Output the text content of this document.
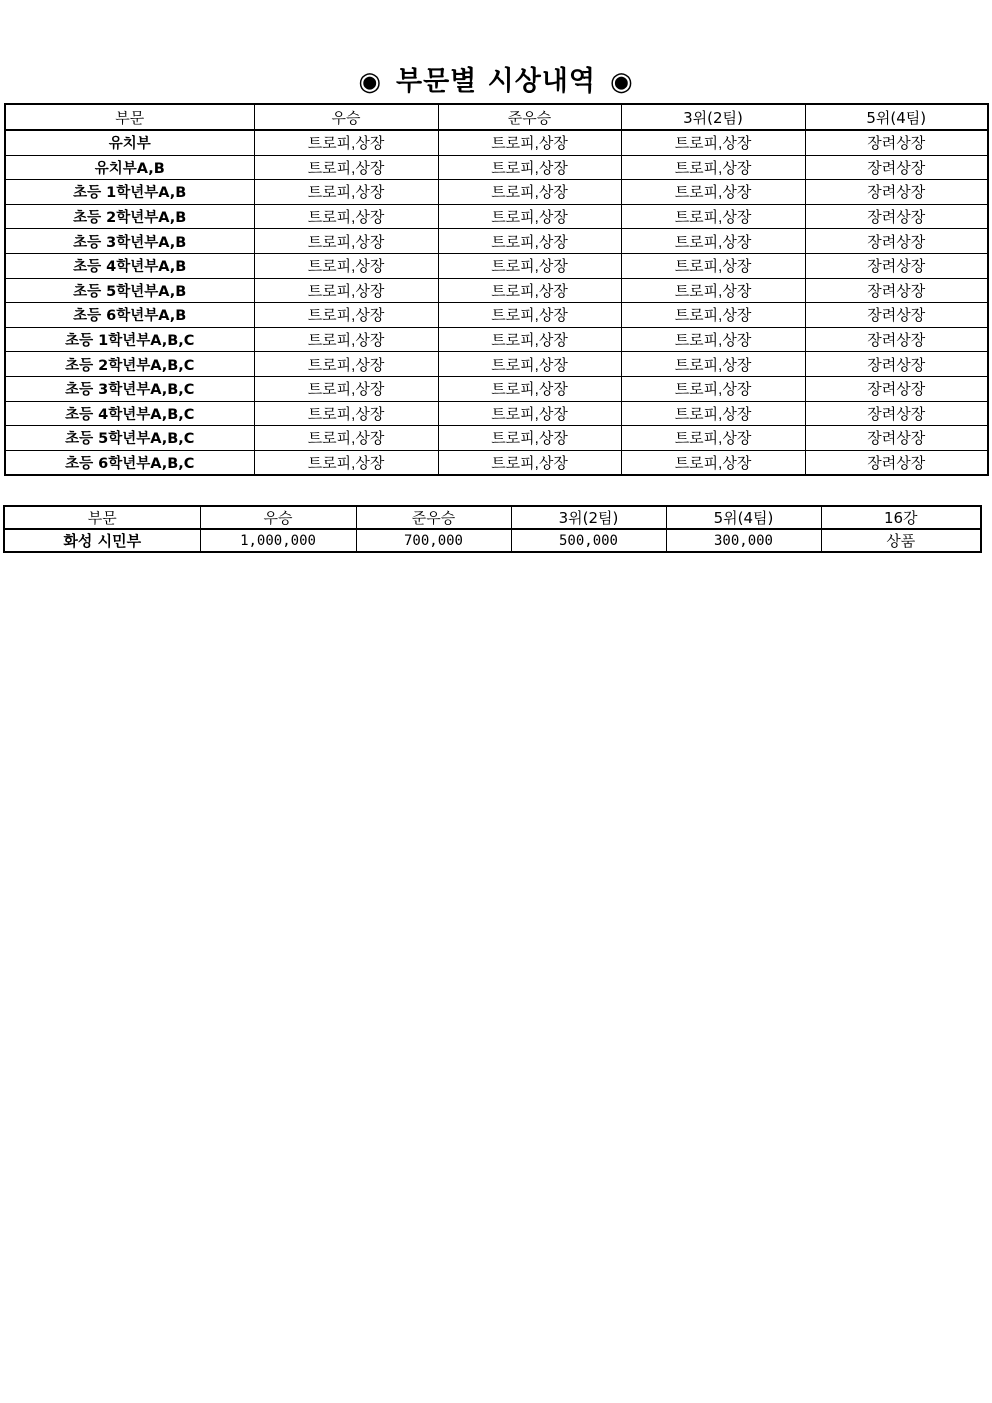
◉ 부문별 시상내역 ◉
부문	우승	준우승	3위(2팀)	5위(4팀)
유치부	트로피,상장	트로피,상장	트로피,상장	장려상장
유치부A,B	트로피,상장	트로피,상장	트로피,상장	장려상장
초등 1학년부A,B	트로피,상장	트로피,상장	트로피,상장	장려상장
초등 2학년부A,B	트로피,상장	트로피,상장	트로피,상장	장려상장
초등 3학년부A,B	트로피,상장	트로피,상장	트로피,상장	장려상장
초등 4학년부A,B	트로피,상장	트로피,상장	트로피,상장	장려상장
초등 5학년부A,B	트로피,상장	트로피,상장	트로피,상장	장려상장
초등 6학년부A,B	트로피,상장	트로피,상장	트로피,상장	장려상장
초등 1학년부A,B,C	트로피,상장	트로피,상장	트로피,상장	장려상장
초등 2학년부A,B,C	트로피,상장	트로피,상장	트로피,상장	장려상장
초등 3학년부A,B,C	트로피,상장	트로피,상장	트로피,상장	장려상장
초등 4학년부A,B,C	트로피,상장	트로피,상장	트로피,상장	장려상장
초등 5학년부A,B,C	트로피,상장	트로피,상장	트로피,상장	장려상장
초등 6학년부A,B,C	트로피,상장	트로피,상장	트로피,상장	장려상장
부문	우승	준우승	3위(2팀)	5위(4팀)	16강
화성 시민부	1,000,000	700,000	500,000	300,000	상품
